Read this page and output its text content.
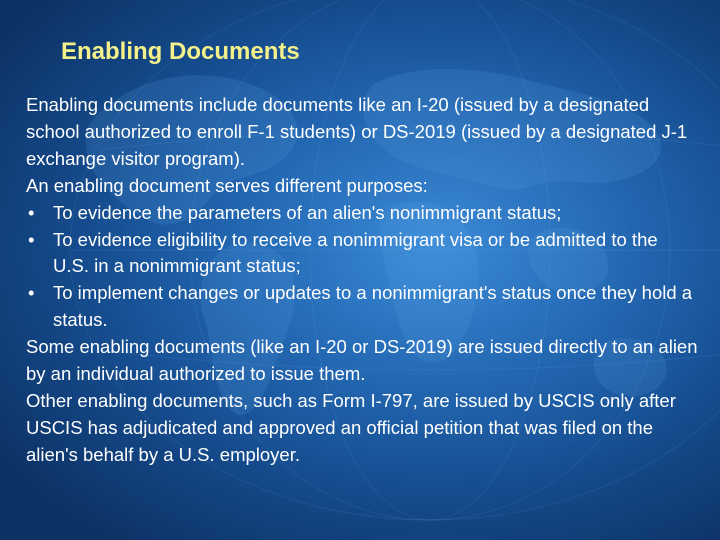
Enabling Documents

Enabling documents include documents like an I-20 (issued by a designated school authorized to enroll F-1 students) or DS-2019 (issued by a designated J-1 exchange visitor program).

An enabling document serves different purposes:

• To evidence the parameters of an alien's nonimmigrant status;

• To evidence eligibility to receive a nonimmigrant visa or be admitted to the U.S. in a nonimmigrant status;

• To implement changes or updates to a nonimmigrant's status once they hold a status.

Some enabling documents (like an I-20 or DS-2019) are issued directly to an alien by an individual authorized to issue them.

Other enabling documents, such as Form I-797, are issued by USCIS only after USCIS has adjudicated and approved an official petition that was filed on the alien's behalf by a U.S. employer.
